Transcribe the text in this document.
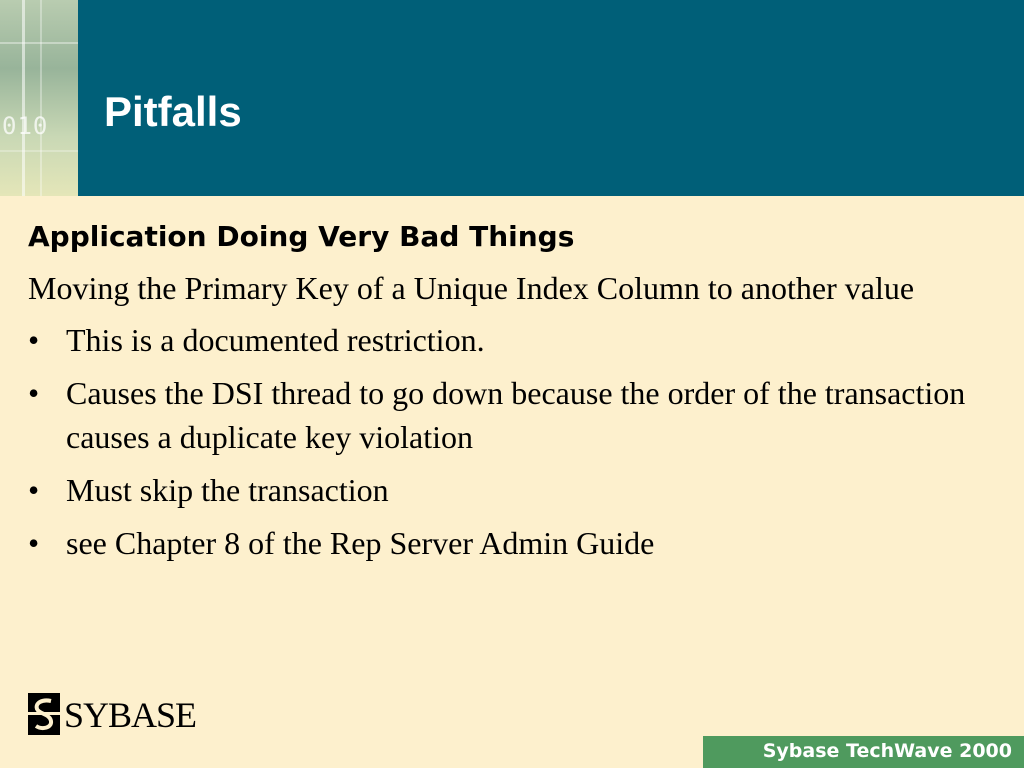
010 Pitfalls
Application Doing Very Bad Things
Moving the Primary Key of a Unique Index Column to another value
• This is a documented restriction.
• Causes the DSI thread to go down because the order of the transaction causes a duplicate key violation
• Must skip the transaction
• see Chapter 8 of the Rep Server Admin Guide
SYBASE
Sybase TechWave 2000
